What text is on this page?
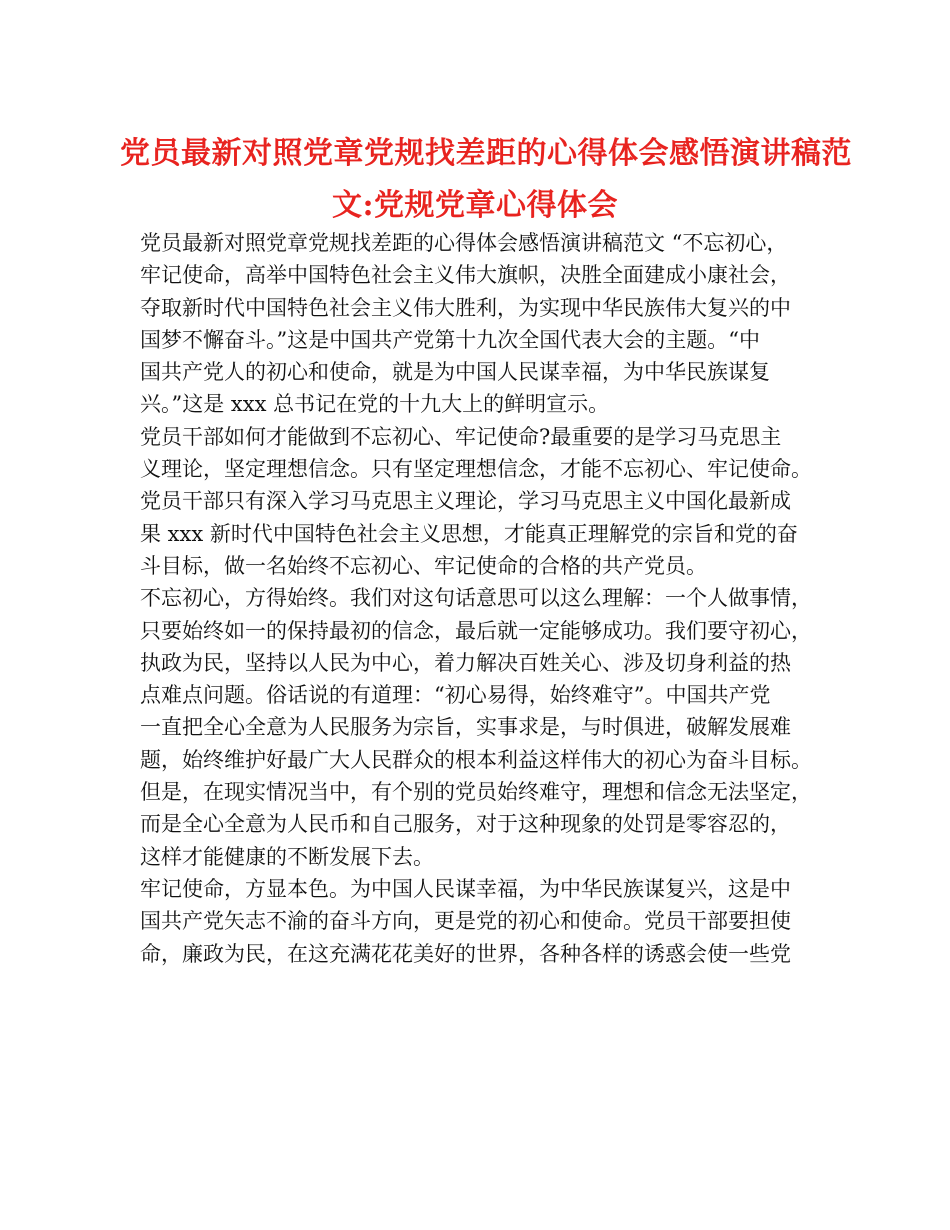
党员最新对照党章党规找差距的心得体会感悟演讲稿范
文:党规党章心得体会
党员最新对照党章党规找差距的心得体会感悟演讲稿范文 “不忘初心，
牢记使命，高举中国特色社会主义伟大旗帜，决胜全面建成小康社会，
夺取新时代中国特色社会主义伟大胜利，为实现中华民族伟大复兴的中
国梦不懈奋斗。”这是中国共产党第十九次全国代表大会的主题。“中
国共产党人的初心和使命，就是为中国人民谋幸福，为中华民族谋复
兴。”这是 xxx 总书记在党的十九大上的鲜明宣示。
党员干部如何才能做到不忘初心、牢记使命?最重要的是学习马克思主
义理论，坚定理想信念。只有坚定理想信念，才能不忘初心、牢记使命。
党员干部只有深入学习马克思主义理论，学习马克思主义中国化最新成
果 xxx 新时代中国特色社会主义思想，才能真正理解党的宗旨和党的奋
斗目标，做一名始终不忘初心、牢记使命的合格的共产党员。
不忘初心，方得始终。我们对这句话意思可以这么理解：一个人做事情，
只要始终如一的保持最初的信念，最后就一定能够成功。我们要守初心，
执政为民，坚持以人民为中心，着力解决百姓关心、涉及切身利益的热
点难点问题。俗话说的有道理：“初心易得，始终难守”。中国共产党
一直把全心全意为人民服务为宗旨，实事求是，与时俱进，破解发展难
题，始终维护好最广大人民群众的根本利益这样伟大的初心为奋斗目标。
但是，在现实情况当中，有个别的党员始终难守，理想和信念无法坚定，
而是全心全意为人民币和自己服务，对于这种现象的处罚是零容忍的，
这样才能健康的不断发展下去。
牢记使命，方显本色。为中国人民谋幸福，为中华民族谋复兴，这是中
国共产党矢志不渝的奋斗方向，更是党的初心和使命。党员干部要担使
命，廉政为民，在这充满花花美好的世界，各种各样的诱惑会使一些党
